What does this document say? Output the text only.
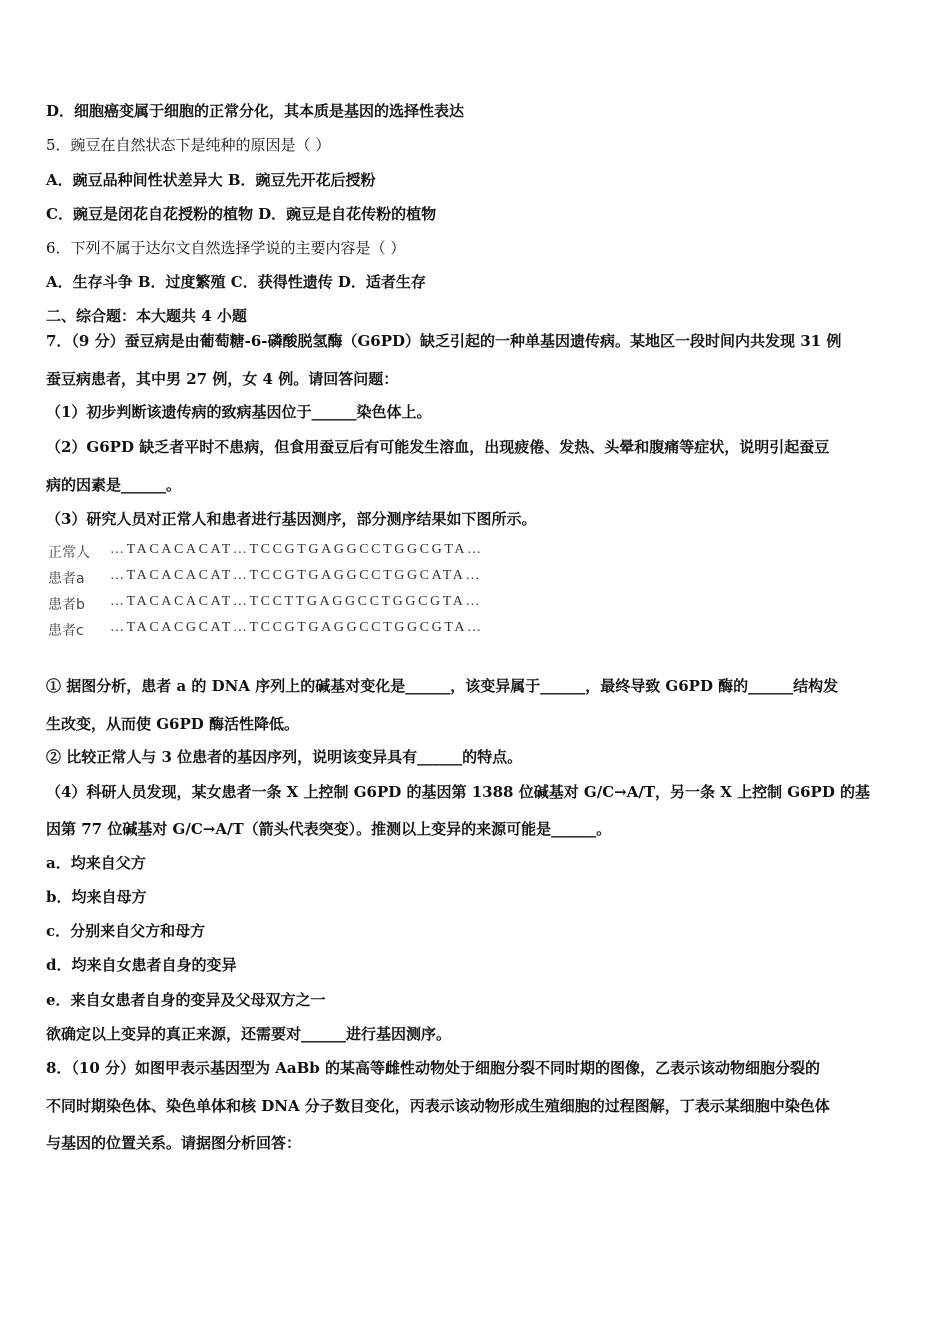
D．细胞癌变属于细胞的正常分化，其本质是基因的选择性表达
5．豌豆在自然状态下是纯种的原因是（ ）
A．豌豆品种间性状差异大 B．豌豆先开花后授粉
C．豌豆是闭花自花授粉的植物 D．豌豆是自花传粉的植物
6．下列不属于达尔文自然选择学说的主要内容是（ ）
A．生存斗争 B．过度繁殖 C．获得性遗传 D．适者生存
二、综合题：本大题共 4 小题
7．（9 分）蚕豆病是由葡萄糖-6-磷酸脱氢酶（G6PD）缺乏引起的一种单基因遗传病。某地区一段时间内共发现 31 例
蚕豆病患者，其中男 27 例，女 4 例。请回答问题：
（1）初步判断该遗传病的致病基因位于______染色体上。
（2）G6PD 缺乏者平时不患病，但食用蚕豆后有可能发生溶血，出现疲倦、发热、头晕和腹痛等症状，说明引起蚕豆
病的因素是______。
（3）研究人员对正常人和患者进行基因测序，部分测序结果如下图所示。
正常人 …TACACACAT…TCCGTGAGGCCTGGCGTA…
患者a …TACACACAT…TCCGTGAGGCCTGGCATA…
患者b …TACACACAT…TCCTTGAGGCCTGGCGTA…
患者c …TACACGCAT…TCCGTGAGGCCTGGCGTA…
① 据图分析，患者 a 的 DNA 序列上的碱基对变化是______，该变异属于______，最终导致 G6PD 酶的______结构发
生改变，从而使 G6PD 酶活性降低。
② 比较正常人与 3 位患者的基因序列，说明该变异具有______的特点。
（4）科研人员发现，某女患者一条 X 上控制 G6PD 的基因第 1388 位碱基对 G/C→A/T，另一条 X 上控制 G6PD 的基
因第 77 位碱基对 G/C→A/T（箭头代表突变）。推测以上变异的来源可能是______。
a．均来自父方
b．均来自母方
c．分别来自父方和母方
d．均来自女患者自身的变异
e．来自女患者自身的变异及父母双方之一
欲确定以上变异的真正来源，还需要对______进行基因测序。
8．（10 分）如图甲表示基因型为 AaBb 的某高等雌性动物处于细胞分裂不同时期的图像，乙表示该动物细胞分裂的
不同时期染色体、染色单体和核 DNA 分子数目变化，丙表示该动物形成生殖细胞的过程图解，丁表示某细胞中染色体
与基因的位置关系。请据图分析回答：
